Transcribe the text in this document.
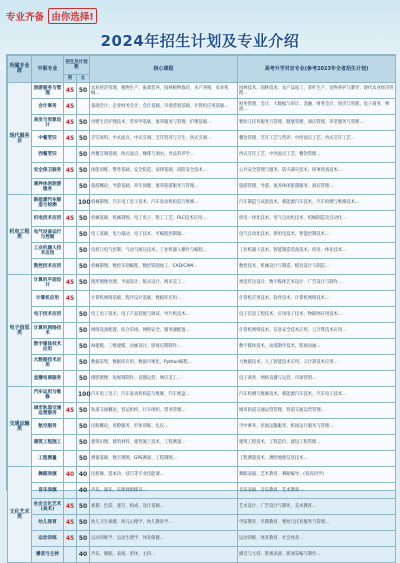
专业齐备 由你选择!
2024年招生计划及专业介绍
所属专业群	中职专业	招生及计划数		核心课程	高考升学对应专业(参考2023年全省招生计划)
		男	女		
现代服务业	旅游服务与管理	45	50	农业经济管理、植物生产、畜禽营养、园林植物栽培、水产养殖、农业机械...	园林技术、园林技术、农产品加工、茶叶生产、宠物养护与驯导、现代农业经济管理...
	会计事务	45		基础会计、企业财务会计、会计基础、市场营销基础、计算机应用基础...	财务管理、会计、大数据与审计、金融、财务会计、经济与管理、电子商务、物流...
	美发与形象设计	45	50	母婴生活护理技术、营养学基础、康养服务与管理、护理基础...	婴幼儿托育服务与管理、健康管理、酒店管理、养老服务与管理...
	中餐烹饪	45	50	烹饪原料、中式面点、中式烹调、烹饪营养与卫生、西式烹调...	餐饮管理、烹饪工艺与营养、中西面点工艺、西式烹饪工艺...
	西餐烹饪		50	西餐烹调基础、西式面点、咖啡与酒水、食品营养学...	西式烹饪工艺、中西面点工艺、餐饮管理...
	安全保卫服务	45	50	体能训练、警务基础、安全防范、法律基础、消防安全技术...	公共安全管理与服务、防灾减灾技术、刑事侦查技术...
	康养休闲旅游服务		50	旅游概论、导游基础、养生保健、康养旅游服务与管理...	旅游管理、导游、康养休闲旅游服务、酒店管理...
机电工程类	新能源汽车制造与检测		100	机械制图、汽车电工电子技术、汽车发动机构造与维修...	汽车制造与试验技术、新能源汽车技术、汽车检测与维修技术...
	机电技术应用	45	50	机械基础、机械制图、电工电子、钳工工艺、PLC技术应用...	机电一体化技术、电气自动化技术、机械制造及自动化...
	电气设备运行与控制		50	电工基础、电力拖动、电子技术、可编程控制器...	电气自动化技术、供用电技术、智能控制技术...
	工业机器人技术应用		50	电机与电气控制、气动与液压技术、工业机器人操作与编程...	工业机器人技术、智能制造装备技术、机电一体化技术...
	数控技术应用		50	机械制图、数控车削编程、数控铣削加工、CAD/CAM...	数控技术、机械设计与制造、模具设计与制造...
电子信息类	计算机平面设计	45	50	图形图像处理、平面设计、版式设计、网页美工...	视觉传达设计、数字媒体艺术设计、广告设计与制作...
	计算机应用	45		计算机网络基础、程序设计基础、数据库应用...	计算机应用技术、软件技术、计算机网络技术...
	电子技术应用		50	电工电子技术、电子产品装配与调试、单片机技术...	电子信息工程技术、应用电子技术、物联网应用技术...
	计算机网络技术		50	网络设备配置、综合布线、网络安全、服务器配置...	计算机网络技术、信息安全技术应用、云计算技术应用...
	数字媒体技术应用		50	AI建模、三维建模、动画设计、影视后期制作...	数字媒体技术、动漫制作技术、影视动画...
	大数据技术应用		50	数据采集、数据库应用、数据可视化、Python编程...	大数据技术、人工智能技术应用、云计算技术应用...
	直播电商服务		50	摄影摄像、短视频制作、直播运营、网店美工...	电子商务、网络直播与运营、市场营销...
交通运输类	汽车运用与维修		100	汽车电工电子、汽车发动机构造与维修、汽车底盘...	汽车检测与维修技术、新能源汽车技术、汽车电子技术...
	城市轨道交通运营服务	45	50	轨道交通概论、客运组织、行车组织、票务管理...	城市轨道交通运营管理、铁道交通运营管理...
	航空服务		50	民航概论、客舱服务、形体训练、礼仪...	空中乘务、民航运输服务、机场运行服务与管理...
	建筑工程施工		50	建筑识图、建筑材料、建筑施工技术、工程测量...	建筑工程技术、工程造价、建设工程管理...
	工程测量		50	测量基础、数字测图、GPS测量、工程制图...	工程测量技术、测绘地理信息技术...
文化艺术类	舞蹈表演	40	40	民族舞、基本功、技巧等专业技能课...	舞蹈表演、艺术教育、舞蹈编导...(普高同学)
	音乐表演		40	声乐、器乐、乐理视唱练耳...	音乐表演、音乐教育、艺术教育...
	社会文化艺术(美术)	45	50	素描、色彩、速写、构成、设计基础...	艺术设计、广告设计与制作、美术教育...
	幼儿保育	45	50	幼儿卫生保健、幼儿心理学、幼儿教育学...	学前教育、早期教育、婴幼儿托育服务与管理...
	运动训练	45	50	运动训练学、运动生理学、体育保健...	运动训练、体育教育、社会体育...
	播音与主持		40	声乐、舞蹈、表演、形体、主持...	播音与主持、影视表演、新闻采编与制作...
